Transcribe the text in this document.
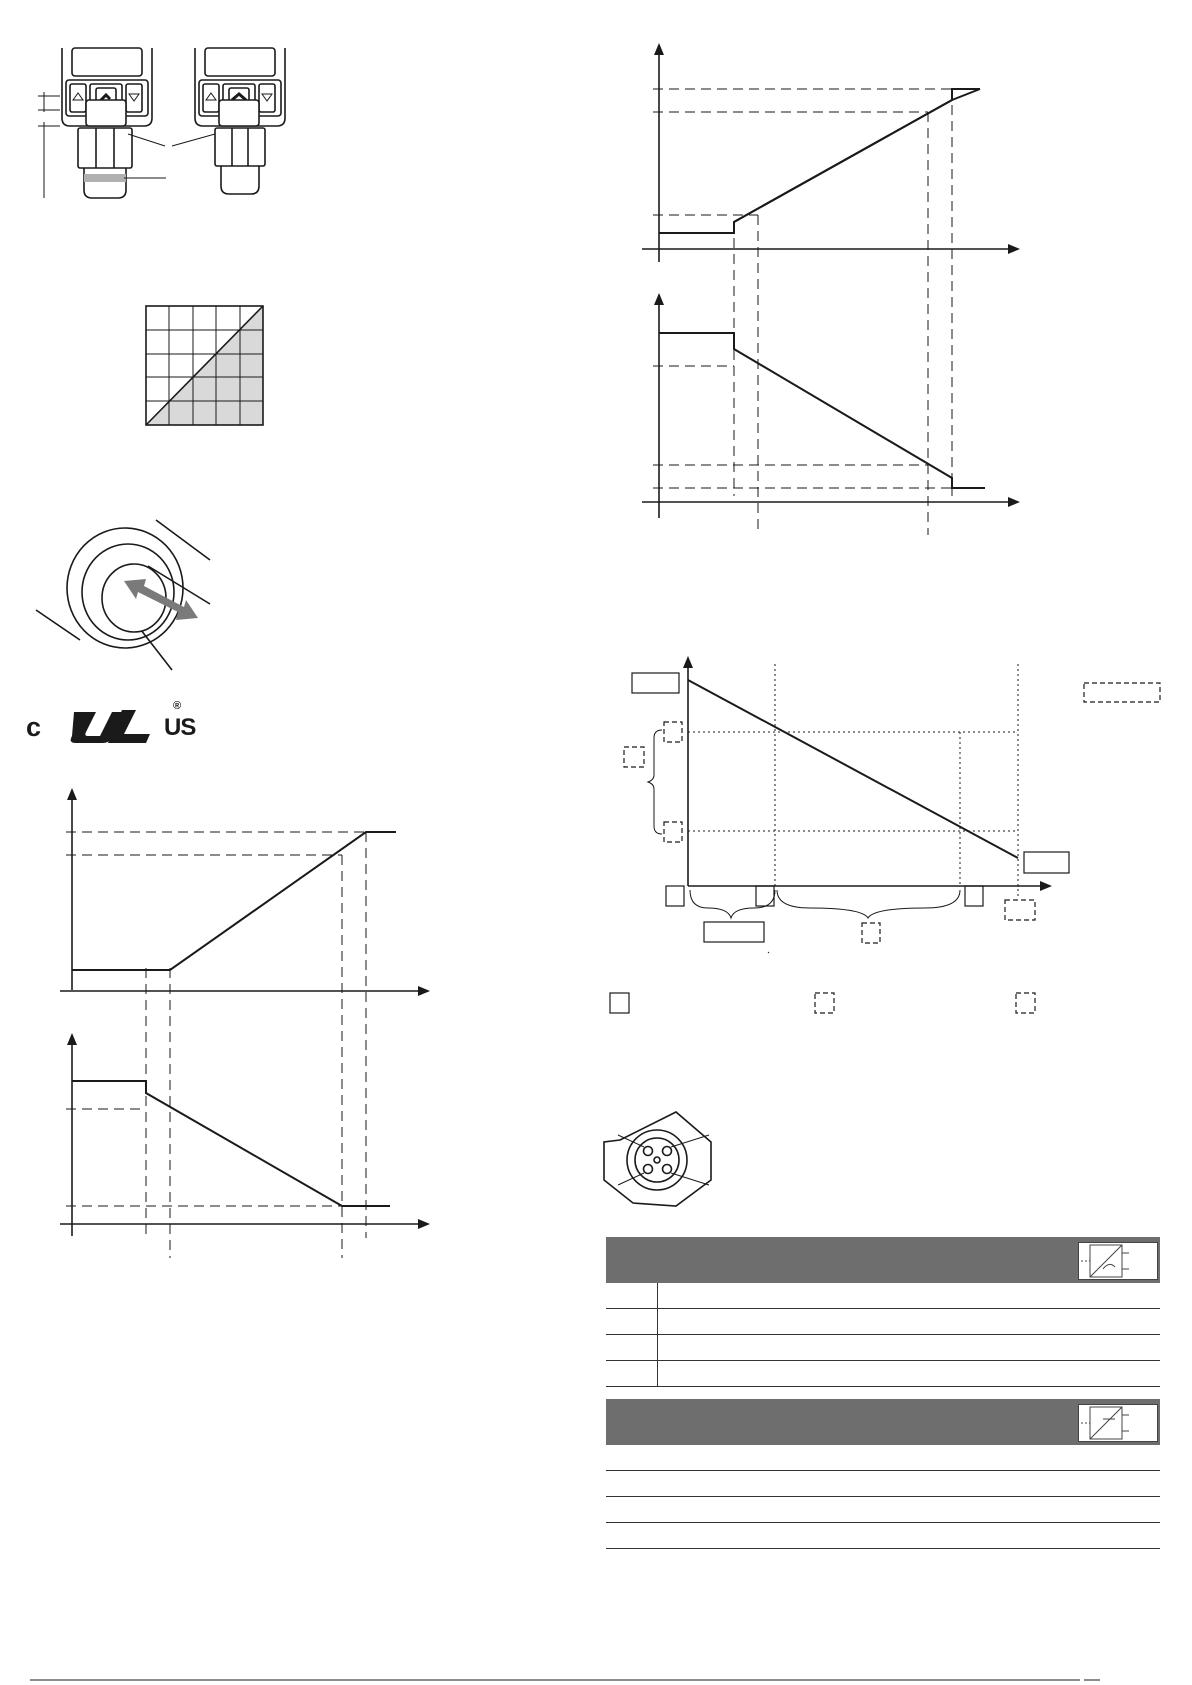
c	US
®
